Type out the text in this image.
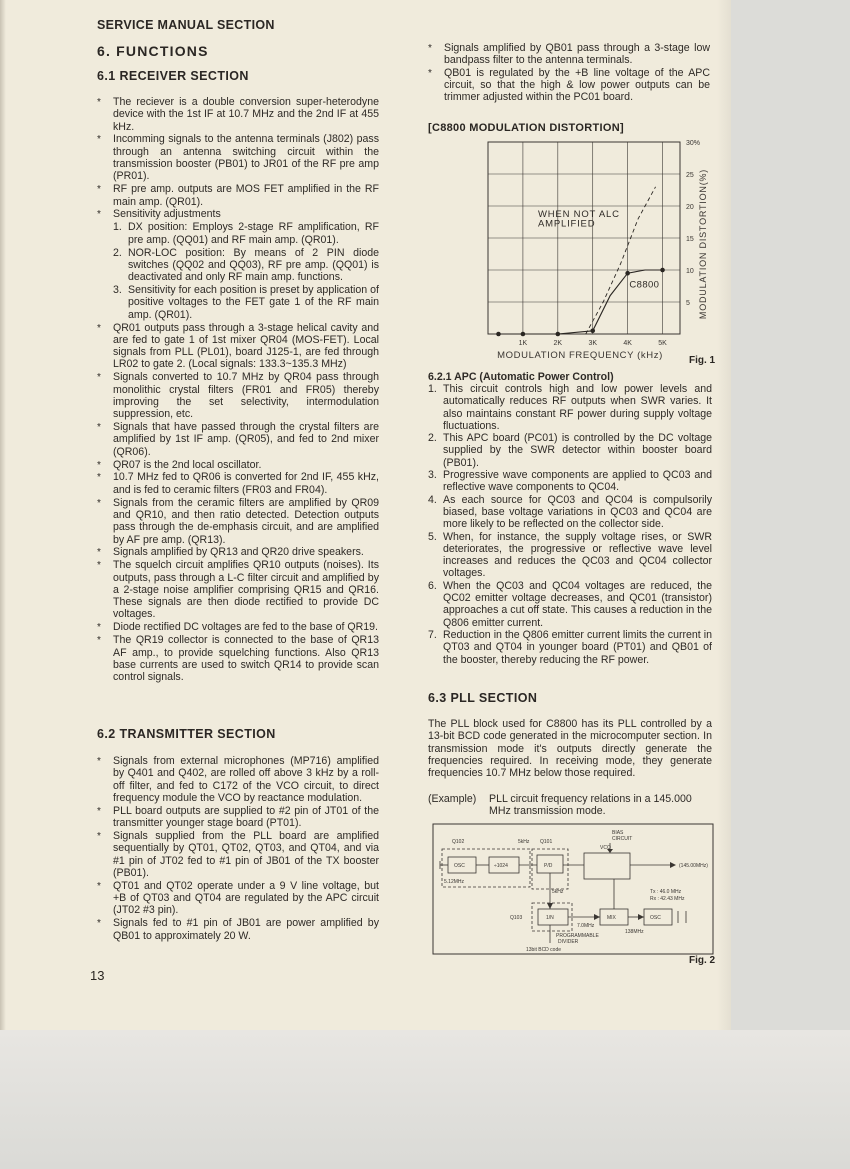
SERVICE MANUAL SECTION
6. FUNCTIONS
6.1 RECEIVER SECTION
* The reciever is a double conversion super-heterodyne device with the 1st IF at 10.7 MHz and the 2nd IF at 455 kHz.
* Incomming signals to the antenna terminals (J802) pass through an antenna switching circuit within the transmission booster (PB01) to JR01 of the RF pre amp (PR01).
* RF pre amp. outputs are MOS FET amplified in the RF main amp. (QR01).
* Sensitivity adjustments
1. DX position: Employs 2-stage RF amplification, RF pre amp. (QQ01) and RF main amp. (QR01).
2. NOR-LOC position: By means of 2 PIN diode switches (QQ02 and QQ03), RF pre amp. (QQ01) is deactivated and only RF main amp. functions.
3. Sensitivity for each position is preset by application of positive voltages to the FET gate 1 of the RF main amp. (QR01).
* QR01 outputs pass through a 3-stage helical cavity and are fed to gate 1 of 1st mixer QR04 (MOS-FET). Local signals from PLL (PL01), board J125-1, are fed through LR02 to gate 2. (Local signals: 133.3~135.3 MHz)
* Signals converted to 10.7 MHz by QR04 pass through monolithic crystal filters (FR01 and FR05) thereby improving the set selectivity, intermodulation suppression, etc.
* Signals that have passed through the crystal filters are amplified by 1st IF amp. (QR05), and fed to 2nd mixer (QR06).
* QR07 is the 2nd local oscillator.
* 10.7 MHz fed to QR06 is converted for 2nd IF, 455 kHz, and is fed to ceramic filters (FR03 and FR04).
* Signals from the ceramic filters are amplified by QR09 and QR10, and then ratio detected. Detection outputs pass through the de-emphasis circuit, and are amplified by AF pre amp. (QR13).
* Signals amplified by QR13 and QR20 drive speakers.
* The squelch circuit amplifies QR10 outputs (noises). Its outputs, pass through a L-C filter circuit and amplified by a 2-stage noise amplifier comprising QR15 and QR16. These signals are then diode rectified to provide DC voltages.
* Diode rectified DC voltages are fed to the base of QR19.
* The QR19 collector is connected to the base of QR13 AF amp., to provide squelching functions. Also QR13 base currents are used to switch QR14 to provide scan control signals.
6.2 TRANSMITTER SECTION
* Signals from external microphones (MP716) amplified by Q401 and Q402, are rolled off above 3 kHz by a roll-off filter, and fed to C172 of the VCO circuit, to direct frequency module the VCO by reactance modulation.
* PLL board outputs are supplied to #2 pin of JT01 of the transmitter younger stage board (PT01).
* Signals supplied from the PLL board are amplified sequentially by QT01, QT02, QT03, and QT04, and via #1 pin of JT02 fed to #1 pin of JB01 of the TX booster (PB01).
* QT01 and QT02 operate under a 9 V line voltage, but +B of QT03 and QT04 are regulated by the APC circuit (JT02 #3 pin).
* Signals fed to #1 pin of JB01 are power amplified by QB01 to approximately 20 W.
* Signals amplified by QB01 pass through a 3-stage low bandpass filter to the antenna terminals.
* QB01 is regulated by the +B line voltage of the APC circuit, so that the high & low power outputs can be trimmer adjusted within the PC01 board.
[C8800 MODULATION DISTORTION]
5
10
15
20
25
30%
1K	2K	3K	4K	5K
MODULATION FREQUENCY (kHz)
MODULATION DISTORTION(%)
WHEN NOT ALC
AMPLIFIED
C8800
Fig. 1
6.2.1 APC (Automatic Power Control)
1. This circuit controls high and low power levels and automatically reduces RF outputs when SWR varies. It also maintains constant RF power during supply voltage fluctuations.
2. This APC board (PC01) is controlled by the DC voltage supplied by the SWR detector within booster board (PB01).
3. Progressive wave components are applied to QC03 and reflective wave components to QC04.
4. As each source for QC03 and QC04 is compulsorily biased, base voltage variations in QC03 and QC04 are more likely to be reflected on the collector side.
5. When, for instance, the supply voltage rises, or SWR deteriorates, the progressive or reflective wave level increases and reduces the QC03 and QC04 collector voltages.
6. When the QC03 and QC04 voltages are reduced, the QC02 emitter voltage decreases, and QC01 (transistor) approaches a cut off state. This causes a reduction in the Q806 emitter current.
7. Reduction in the Q806 emitter current limits the current in QT03 and QT04 in younger board (PT01) and QB01 of the booster, thereby reducing the RF power.
6.3 PLL SECTION
The PLL block used for C8800 has its PLL controlled by a 13-bit BCD code generated in the microcomputer section. In transmission mode it's outputs directly generate the frequencies required. In receiving mode, they generate frequencies 10.7 MHz below those required.
(Example)	PLL circuit frequency relations in a 145.000 MHz transmission mode.
Q102	5kHz Q101
BIAS
CIRCUIT
VCO
OSC	÷1024	P/D
5.12MHz
(145.00MHz)
Tx : 46.0 MHz
Rx : 42.43 MHz
5kHz
Q103	1/N
7.0MHz
MIX	OSC
138MHz
PROGRAMMABLE
DIVIDER
13bit BCD code
Fig. 2
13
